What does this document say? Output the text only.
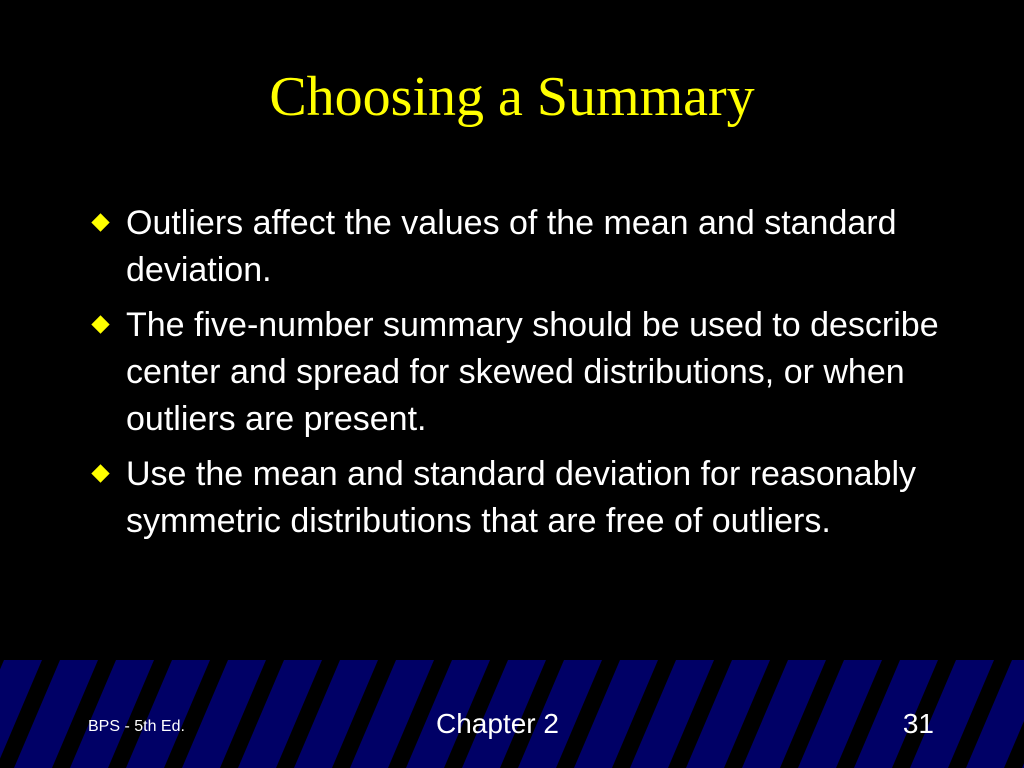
Choosing a Summary
Outliers affect the values of the mean and standard deviation.
The five-number summary should be used to describe center and spread for skewed distributions, or when outliers are present.
Use the mean and standard deviation for reasonably symmetric distributions that are free of outliers.
BPS - 5th Ed.	Chapter 2	31
